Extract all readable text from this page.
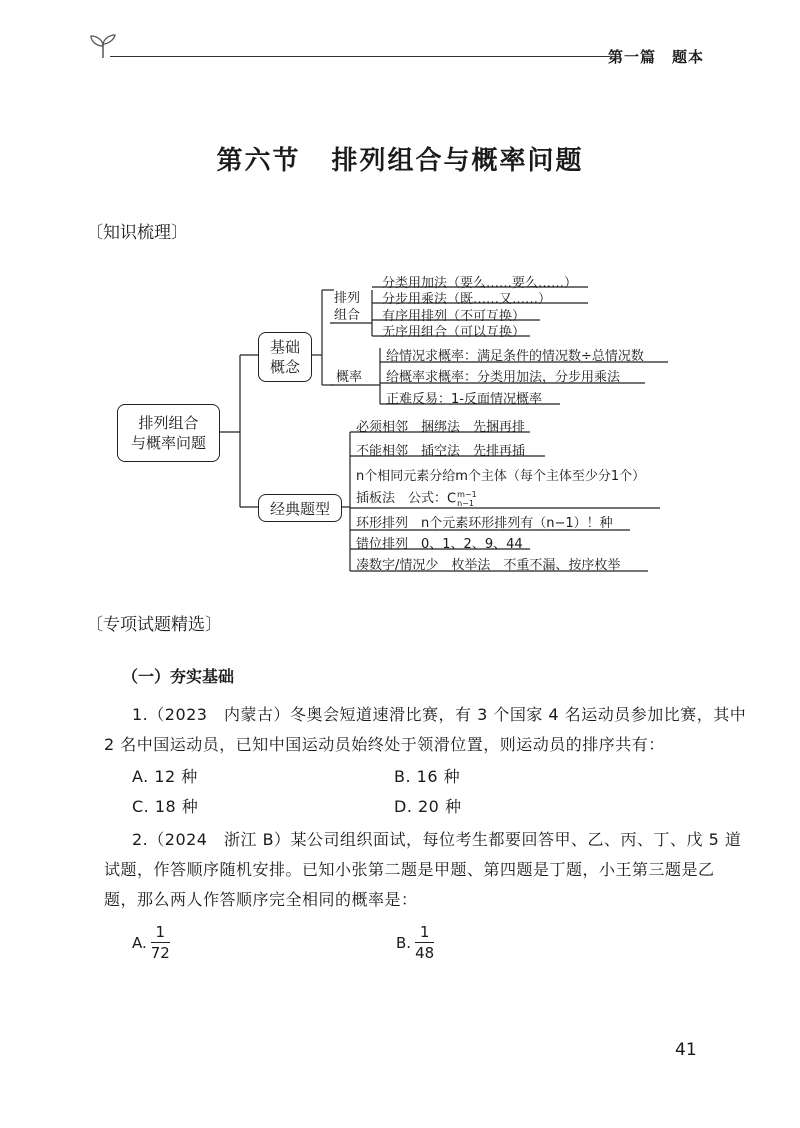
第一篇　题本
第六节 排列组合与概率问题
〔知识梳理〕
排列组合
与概率问题
基础
概念
经典题型
排列
组合
概率
分类用加法（要么……要么……）
分步用乘法（既……又……）
有序用排列（不可互换）
无序用组合（可以互换）
给情况求概率：满足条件的情况数÷总情况数
给概率求概率：分类用加法，分步用乘法
正难反易：1-反面情况概率
必须相邻　捆绑法　先捆再排
不能相邻　插空法　先排再插
n个相同元素分给m个主体（每个主体至少分1个）
插板法　公式：C m−1
n−1
环形排列　n个元素环形排列有（n−1）！种
错位排列　0、1、2、9、44
凑数字/情况少　枚举法　不重不漏、按序枚举
〔专项试题精选〕
（一）夯实基础
1.（2023　内蒙古）冬奥会短道速滑比赛，有 3 个国家 4 名运动员参加比赛，其中
2 名中国运动员，已知中国运动员始终处于领滑位置，则运动员的排序共有：
A. 12 种	B. 16 种
C. 18 种	D. 20 种
2.（2024　浙江 B）某公司组织面试，每位考生都要回答甲、乙、丙、丁、戊 5 道
试题，作答顺序随机安排。已知小张第二题是甲题、第四题是丁题，小王第三题是乙
题，那么两人作答顺序完全相同的概率是：
A. $\frac{1}{72}$	B. $\frac{1}{48}$
41
